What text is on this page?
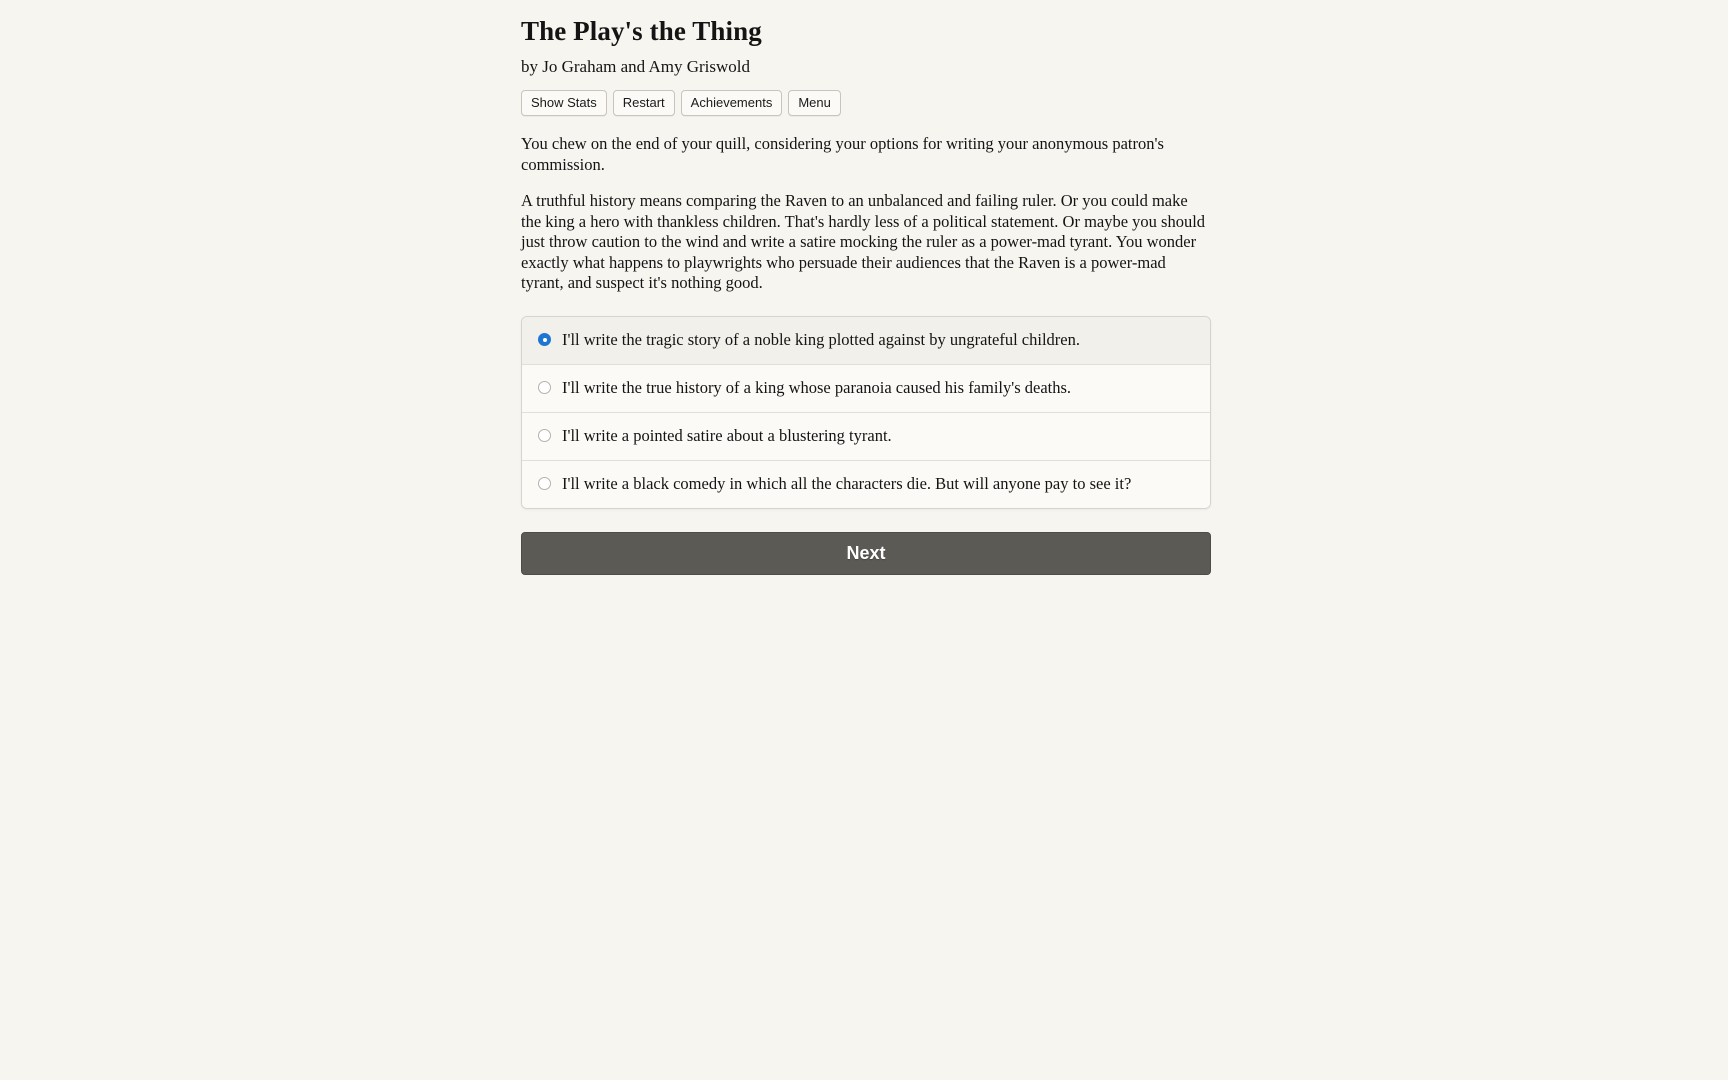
The Play's the Thing
by Jo Graham and Amy Griswold
Show Stats	Restart	Achievements	Menu

You chew on the end of your quill, considering your options for writing your anonymous patron's commission.

A truthful history means comparing the Raven to an unbalanced and failing ruler. Or you could make the king a hero with thankless children. That's hardly less of a political statement. Or maybe you should just throw caution to the wind and write a satire mocking the ruler as a power-mad tyrant. You wonder exactly what happens to playwrights who persuade their audiences that the Raven is a power-mad tyrant, and suspect it's nothing good.

I'll write the tragic story of a noble king plotted against by ungrateful children.
I'll write the true history of a king whose paranoia caused his family's deaths.
I'll write a pointed satire about a blustering tyrant.
I'll write a black comedy in which all the characters die. But will anyone pay to see it?
Next
